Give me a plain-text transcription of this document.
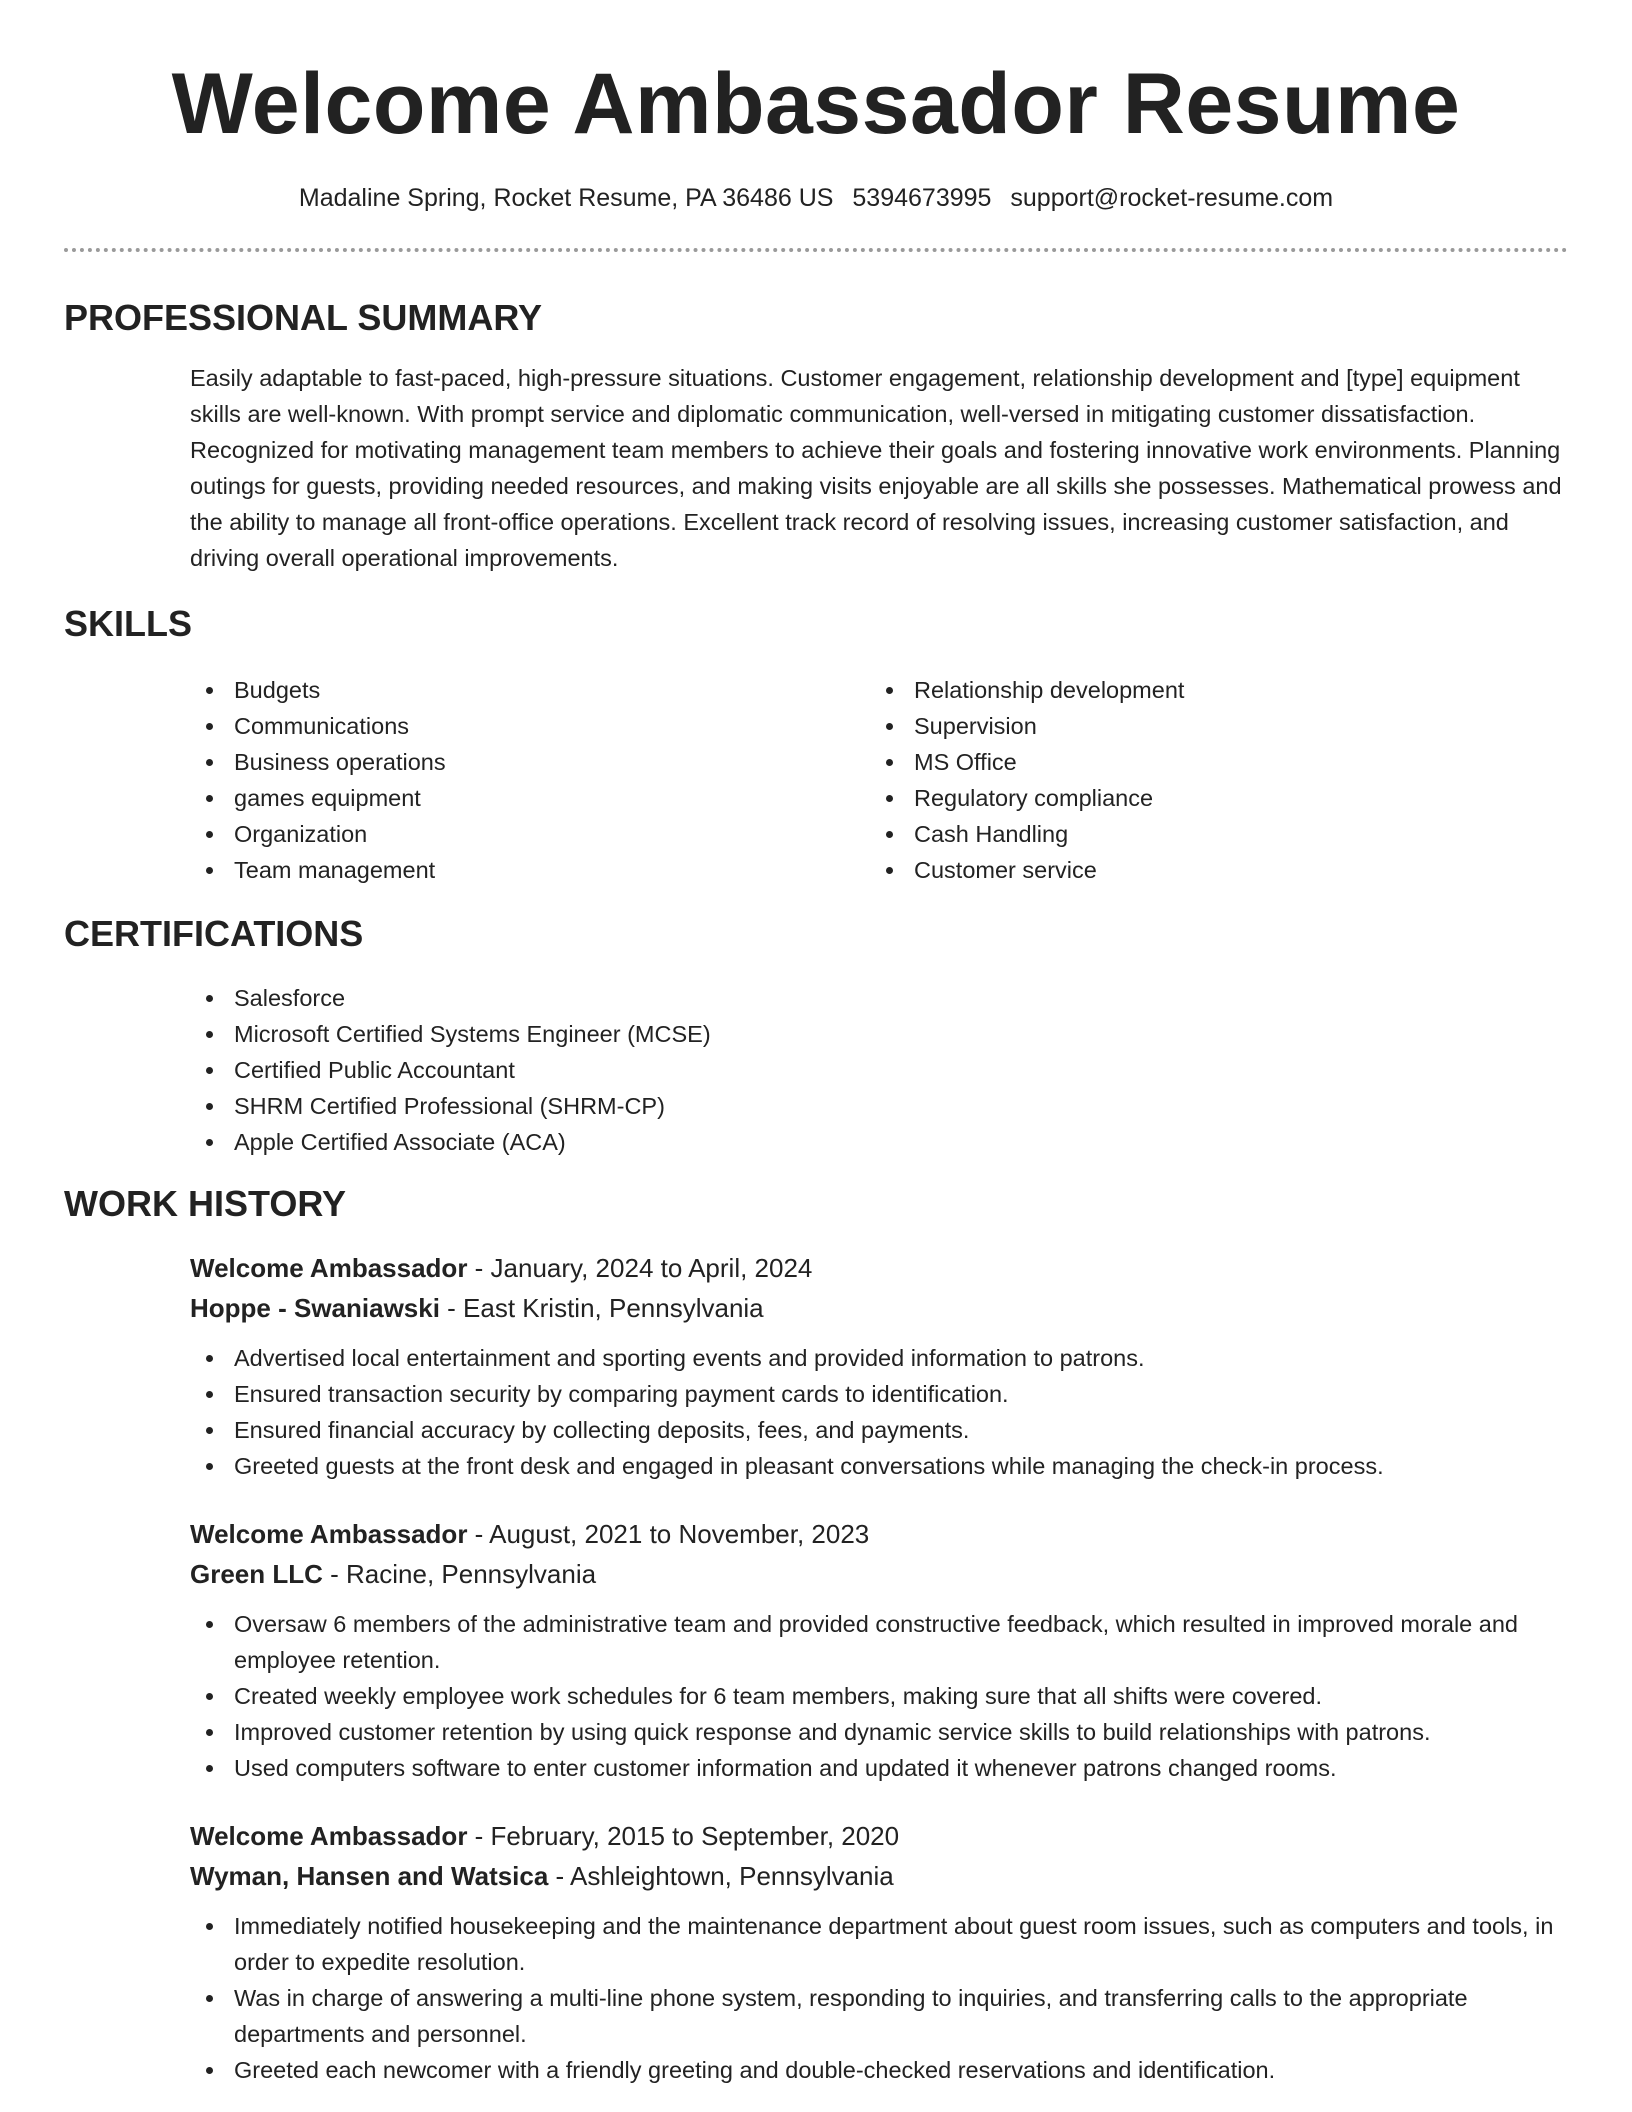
Welcome Ambassador Resume
Madaline Spring, Rocket Resume, PA 36486 US 5394673995 support@rocket-resume.com
PROFESSIONAL SUMMARY

Easily adaptable to fast-paced, high-pressure situations. Customer engagement, relationship development and [type] equipment skills are well-known. With prompt service and diplomatic communication, well-versed in mitigating customer dissatisfaction. Recognized for motivating management team members to achieve their goals and fostering innovative work environments. Planning outings for guests, providing needed resources, and making visits enjoyable are all skills she possesses. Mathematical prowess and the ability to manage all front-office operations. Excellent track record of resolving issues, increasing customer satisfaction, and driving overall operational improvements.

SKILLS
Budgets
Communications
Business operations
games equipment
Organization
Team management
Relationship development
Supervision
MS Office
Regulatory compliance
Cash Handling
Customer service
CERTIFICATIONS
Salesforce
Microsoft Certified Systems Engineer (MCSE)
Certified Public Accountant
SHRM Certified Professional (SHRM-CP)
Apple Certified Associate (ACA)
WORK HISTORY
Welcome Ambassador - January, 2024 to April, 2024
Hoppe - Swaniawski - East Kristin, Pennsylvania
Advertised local entertainment and sporting events and provided information to patrons.
Ensured transaction security by comparing payment cards to identification.
Ensured financial accuracy by collecting deposits, fees, and payments.
Greeted guests at the front desk and engaged in pleasant conversations while managing the check-in process.
Welcome Ambassador - August, 2021 to November, 2023
Green LLC - Racine, Pennsylvania
Oversaw 6 members of the administrative team and provided constructive feedback, which resulted in improved morale and employee retention.
Created weekly employee work schedules for 6 team members, making sure that all shifts were covered.
Improved customer retention by using quick response and dynamic service skills to build relationships with patrons.
Used computers software to enter customer information and updated it whenever patrons changed rooms.
Welcome Ambassador - February, 2015 to September, 2020
Wyman, Hansen and Watsica - Ashleightown, Pennsylvania
Immediately notified housekeeping and the maintenance department about guest room issues, such as computers and tools, in order to expedite resolution.
Was in charge of answering a multi-line phone system, responding to inquiries, and transferring calls to the appropriate departments and personnel.
Greeted each newcomer with a friendly greeting and double-checked reservations and identification.
